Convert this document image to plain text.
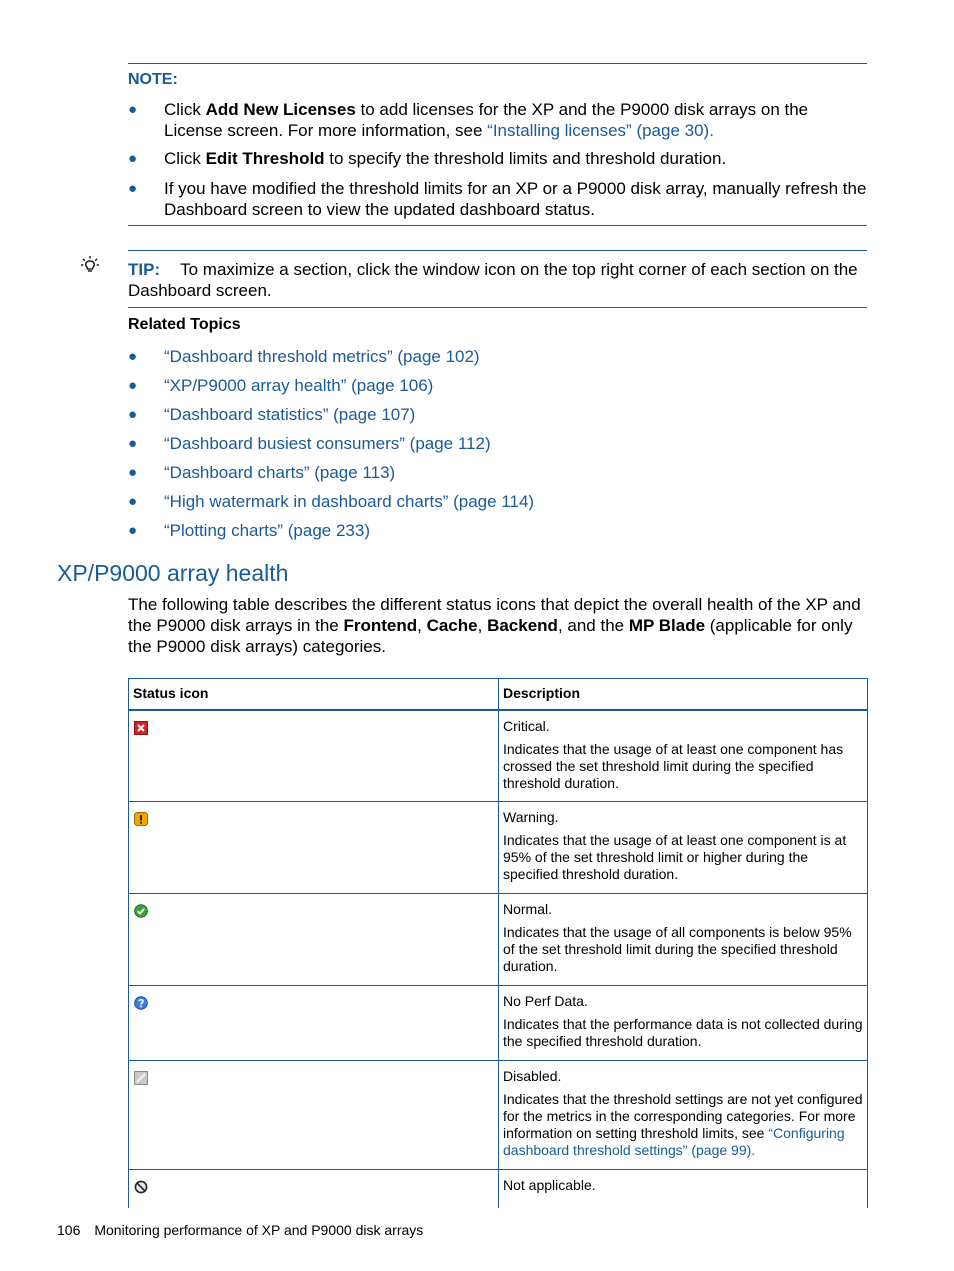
NOTE:
● Click Add New Licenses to add licenses for the XP and the P9000 disk arrays on the License screen. For more information, see “Installing licenses” (page 30).
● Click Edit Threshold to specify the threshold limits and threshold duration.
● If you have modified the threshold limits for an XP or a P9000 disk array, manually refresh the Dashboard screen to view the updated dashboard status.
TIP: To maximize a section, click the window icon on the top right corner of each section on the Dashboard screen.
Related Topics
● “Dashboard threshold metrics” (page 102)
● “XP/P9000 array health” (page 106)
● “Dashboard statistics” (page 107)
● “Dashboard busiest consumers” (page 112)
● “Dashboard charts” (page 113)
● “High watermark in dashboard charts” (page 114)
● “Plotting charts” (page 233)
XP/P9000 array health
The following table describes the different status icons that depict the overall health of the XP and the P9000 disk arrays in the Frontend, Cache, Backend, and the MP Blade (applicable for only the P9000 disk arrays) categories.
Status icon	Description

Critical.
Indicates that the usage of at least one component has crossed the set threshold limit during the specified threshold duration.

Warning.
Indicates that the usage of at least one component is at 95% of the set threshold limit or higher during the specified threshold duration.

Normal.
Indicates that the usage of all components is below 95% of the set threshold limit during the specified threshold duration.

No Perf Data.
Indicates that the performance data is not collected during the specified threshold duration.

Disabled.
Indicates that the threshold settings are not yet configured for the metrics in the corresponding categories. For more information on setting threshold limits, see “Configuring dashboard threshold settings” (page 99).

Not applicable.
106 Monitoring performance of XP and P9000 disk arrays
